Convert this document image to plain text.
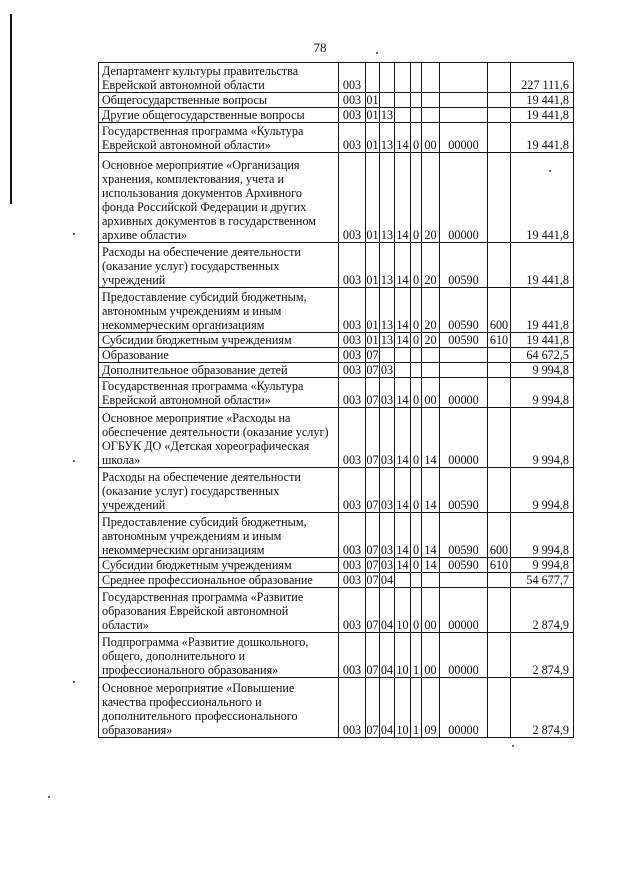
78
Департамент культуры правительства Еврейской автономной области	003								227 111,6
Общегосударственные вопросы	003	01							19 441,8
Другие общегосударственные вопросы	003	01	13						19 441,8
Государственная программа «Культура Еврейской автономной области»	003	01	13	14	0	00	00000		19 441,8
Основное мероприятие «Организация хранения, комплектования, учета и использования документов Архивного фонда Российской Федерации и других архивных документов в государственном архиве области»	003	01	13	14	0	20	00000		19 441,8
Расходы на обеспечение деятельности (оказание услуг) государственных учреждений	003	01	13	14	0	20	00590		19 441,8
Предоставление субсидий бюджетным, автономным учреждениям и иным некоммерческим организациям	003	01	13	14	0	20	00590	600	19 441,8
Субсидии бюджетным учреждениям	003	01	13	14	0	20	00590	610	19 441,8
Образование	003	07							64 672,5
Дополнительное образование детей	003	07	03						9 994,8
Государственная программа «Культура Еврейской автономной области»	003	07	03	14	0	00	00000		9 994,8
Основное мероприятие «Расходы на обеспечение деятельности (оказание услуг) ОГБУК ДО «Детская хореографическая школа»	003	07	03	14	0	14	00000		9 994,8
Расходы на обеспечение деятельности (оказание услуг) государственных учреждений	003	07	03	14	0	14	00590		9 994,8
Предоставление субсидий бюджетным, автономным учреждениям и иным некоммерческим организациям	003	07	03	14	0	14	00590	600	9 994,8
Субсидии бюджетным учреждениям	003	07	03	14	0	14	00590	610	9 994,8
Среднее профессиональное образование	003	07	04						54 677,7
Государственная программа «Развитие образования Еврейской автономной области»	003	07	04	10	0	00	00000		2 874,9
Подпрограмма «Развитие дошкольного, общего, дополнительного и профессионального образования»	003	07	04	10	1	00	00000		2 874,9
Основное мероприятие «Повышение качества профессионального и дополнительного профессионального образования»	003	07	04	10	1	09	00000		2 874,9
